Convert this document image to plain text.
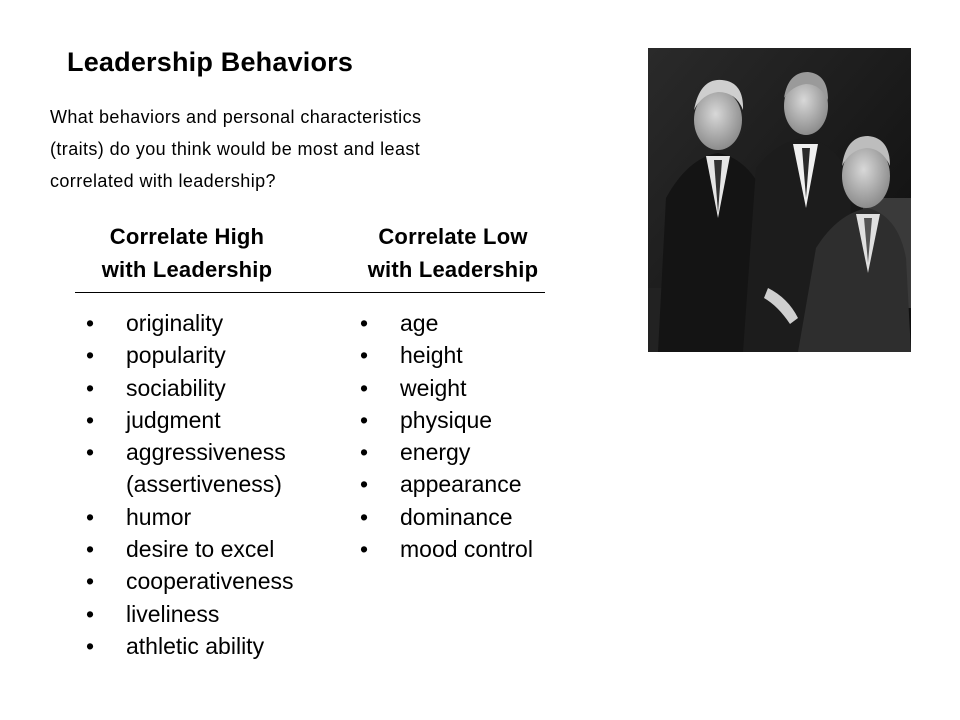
Leadership Behaviors
What behaviors and personal characteristics
(traits) do you think would be most and least
correlated with leadership?
Correlate High
with Leadership
Correlate Low
with Leadership
• originality
• popularity
• sociability
• judgment
• aggressiveness
(assertiveness)
• humor
• desire to excel
• cooperativeness
• liveliness
• athletic ability
• age
• height
• weight
• physique
• energy
• appearance
• dominance
• mood control
